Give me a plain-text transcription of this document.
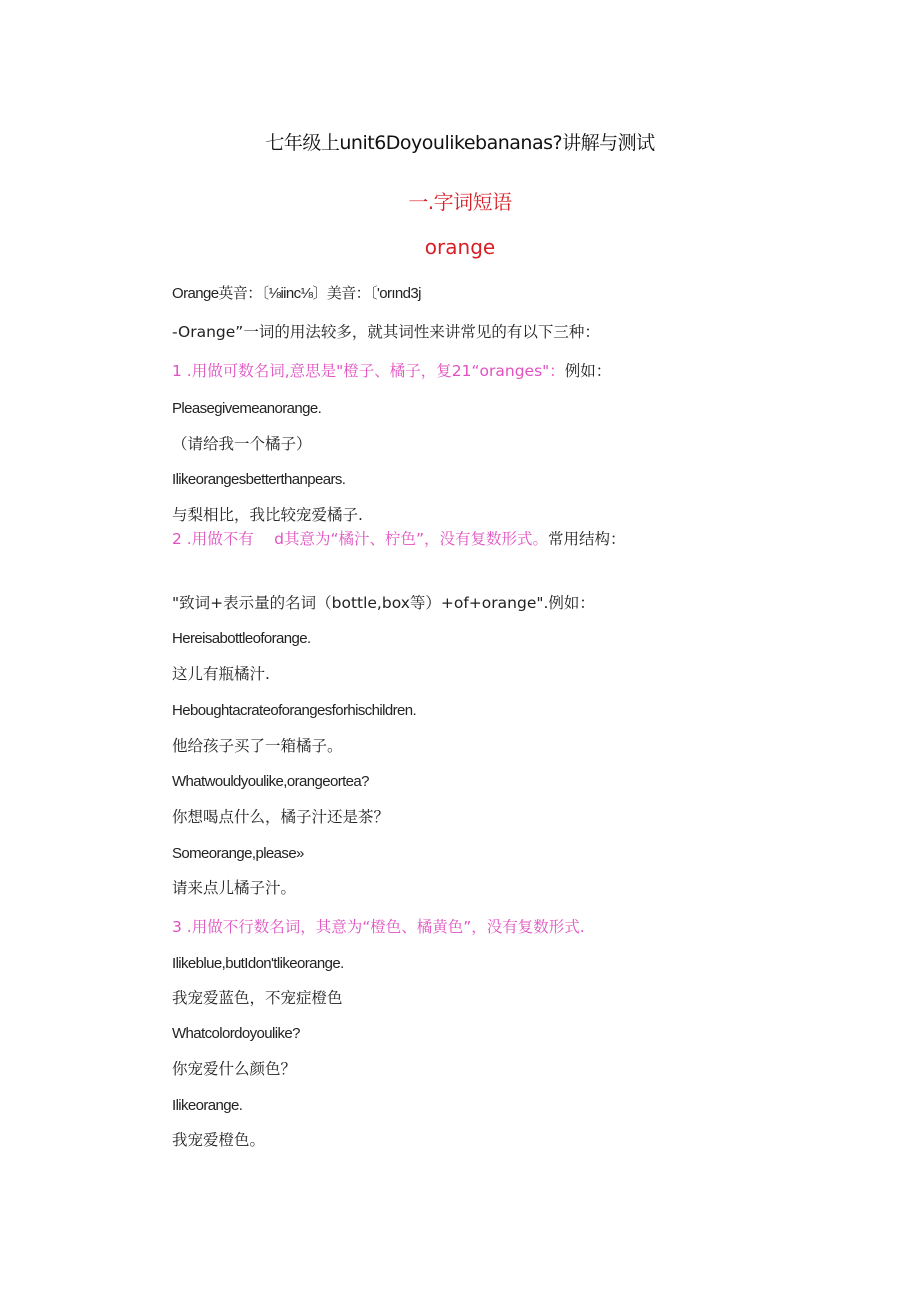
七年级上unit6Doyoulikebananas?讲解与测试
一.字词短语
orange
Orange英音：〔⅛iinc⅛〕美音：〔'orınd3j
-Orange”一词的用法较多，就其词性来讲常见的有以下三种：
1 .用做可数名词,意思是"橙子、橘子，复21“oranges"：例如：
Pleasegivemeanorange.
（请给我一个橘子）
Ilikeorangesbetterthanpears.
与梨相比，我比较宠爱橘子.
2 .用做不有　 d其意为“橘汁、柠色”，没有复数形式。常用结构：
"致词+表示量的名词（bottle,box等）+of+orange".例如：
Hereisabottleoforange.
这儿有瓶橘汁.
Heboughtacrateoforangesforhischildren.
他给孩子买了一箱橘子。
Whatwouldyoulike,orangeortea?
你想喝点什么，橘子汁还是茶？
Someorange,please»
请来点儿橘子汁。
3 .用做不行数名词，其意为“橙色、橘黄色”，没有复数形式.
Ilikeblue,butIdon'tlikeorange.
我宠爱蓝色，不宠症橙色
Whatcolordoyoulike?
你宠爱什么颜色？
Ilikeorange.
我宠爱橙色。
